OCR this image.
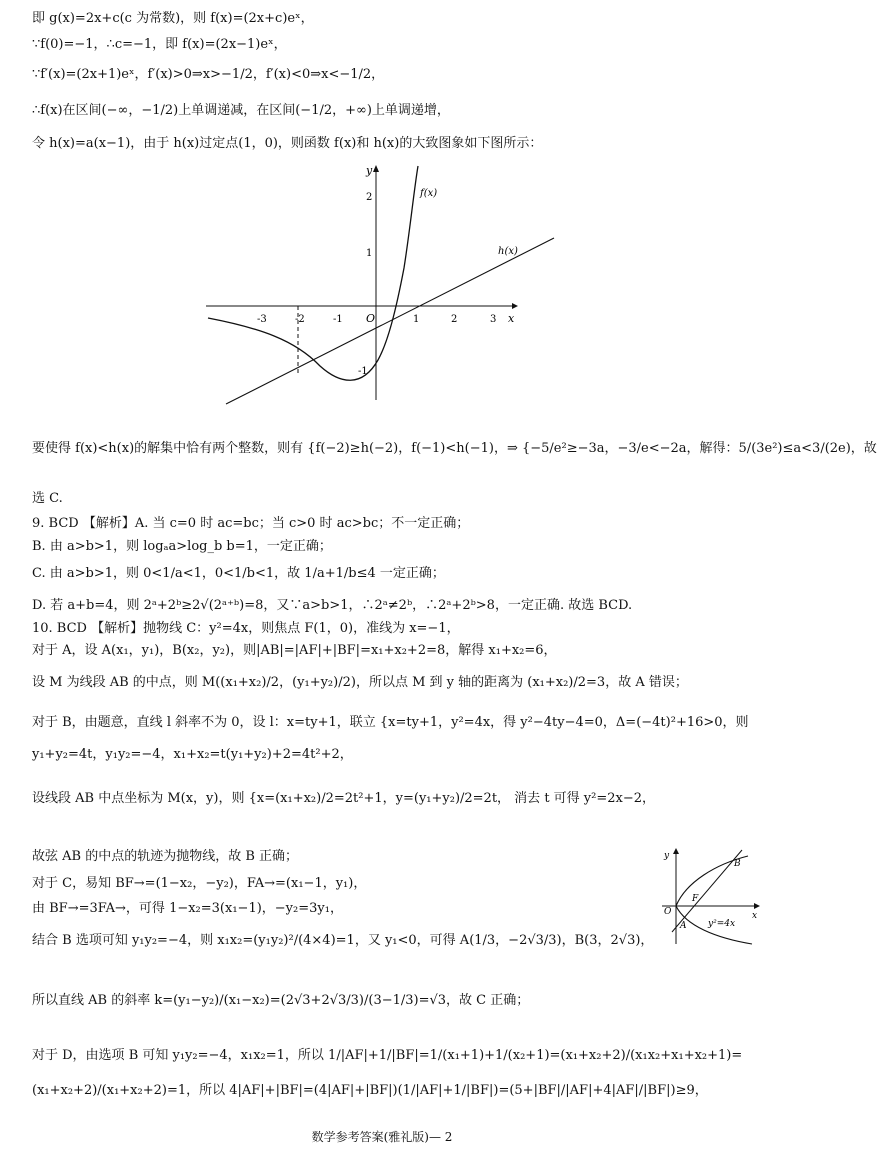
即 g(x)=2x+c(c 为常数)，则 f(x)=(2x+c)eˣ，
∵f(0)=−1，∴c=−1，即 f(x)=(2x−1)eˣ，
∵f′(x)=(2x+1)eˣ，f′(x)>0⇒x>−1/2，f′(x)<0⇒x<−1/2，
∴f(x)在区间(−∞，−1/2)上单调递减，在区间(−1/2，+∞)上单调递增，
令 h(x)=a(x−1)，由于 h(x)过定点(1，0)，则函数 f(x)和 h(x)的大致图象如下图所示：
x
y
O
-3	-2	-1	1	2	3
2
1
-1
f(x)
h(x)
要使得 f(x)<h(x)的解集中恰有两个整数，则有 {f(−2)≥h(−2)，f(−1)<h(−1)，⇒ {−5/e²≥−3a，−3/e<−2a，解得：5/(3e²)≤a<3/(2e)，故
选 C.
9. BCD 【解析】A. 当 c=0 时 ac=bc；当 c>0 时 ac>bc；不一定正确；
B. 由 a>b>1，则 logₐa>log_b b=1，一定正确；
C. 由 a>b>1，则 0<1/a<1，0<1/b<1，故 1/a+1/b≤4 一定正确；
D. 若 a+b=4，则 2ᵃ+2ᵇ≥2√(2ᵃ⁺ᵇ)=8，又∵a>b>1，∴2ᵃ≠2ᵇ，∴2ᵃ+2ᵇ>8，一定正确. 故选 BCD.
10. BCD 【解析】抛物线 C：y²=4x，则焦点 F(1，0)，准线为 x=−1，
对于 A，设 A(x₁，y₁)，B(x₂，y₂)，则|AB|=|AF|+|BF|=x₁+x₂+2=8，解得 x₁+x₂=6，
设 M 为线段 AB 的中点，则 M((x₁+x₂)/2，(y₁+y₂)/2)，所以点 M 到 y 轴的距离为 (x₁+x₂)/2=3，故 A 错误；
对于 B，由题意，直线 l 斜率不为 0，设 l：x=ty+1，联立 {x=ty+1，y²=4x，得 y²−4ty−4=0，Δ=(−4t)²+16>0，则
y₁+y₂=4t，y₁y₂=−4，x₁+x₂=t(y₁+y₂)+2=4t²+2，
设线段 AB 中点坐标为 M(x，y)，则 {x=(x₁+x₂)/2=2t²+1，y=(y₁+y₂)/2=2t， 消去 t 可得 y²=2x−2，
故弦 AB 的中点的轨迹为抛物线，故 B 正确；
对于 C，易知 BF→=(1−x₂，−y₂)，FA→=(x₁−1，y₁)，
由 BF→=3FA→，可得 1−x₂=3(x₁−1)，−y₂=3y₁，
结合 B 选项可知 y₁y₂=−4，则 x₁x₂=(y₁y₂)²/(4×4)=1，又 y₁<0，可得 A(1/3，−2√3/3)，B(3，2√3)，
所以直线 AB 的斜率 k=(y₁−y₂)/(x₁−x₂)=(2√3+2√3/3)/(3−1/3)=√3，故 C 正确；
对于 D，由选项 B 可知 y₁y₂=−4，x₁x₂=1，所以 1/|AF|+1/|BF|=1/(x₁+1)+1/(x₂+1)=(x₁+x₂+2)/(x₁x₂+x₁+x₂+1)=
(x₁+x₂+2)/(x₁+x₂+2)=1，所以 4|AF|+|BF|=(4|AF|+|BF|)(1/|AF|+1/|BF|)=(5+|BF|/|AF|+4|AF|/|BF|)≥9，
y
x
O
B
A
F
y²=4x
数学参考答案(雅礼版)— 2
